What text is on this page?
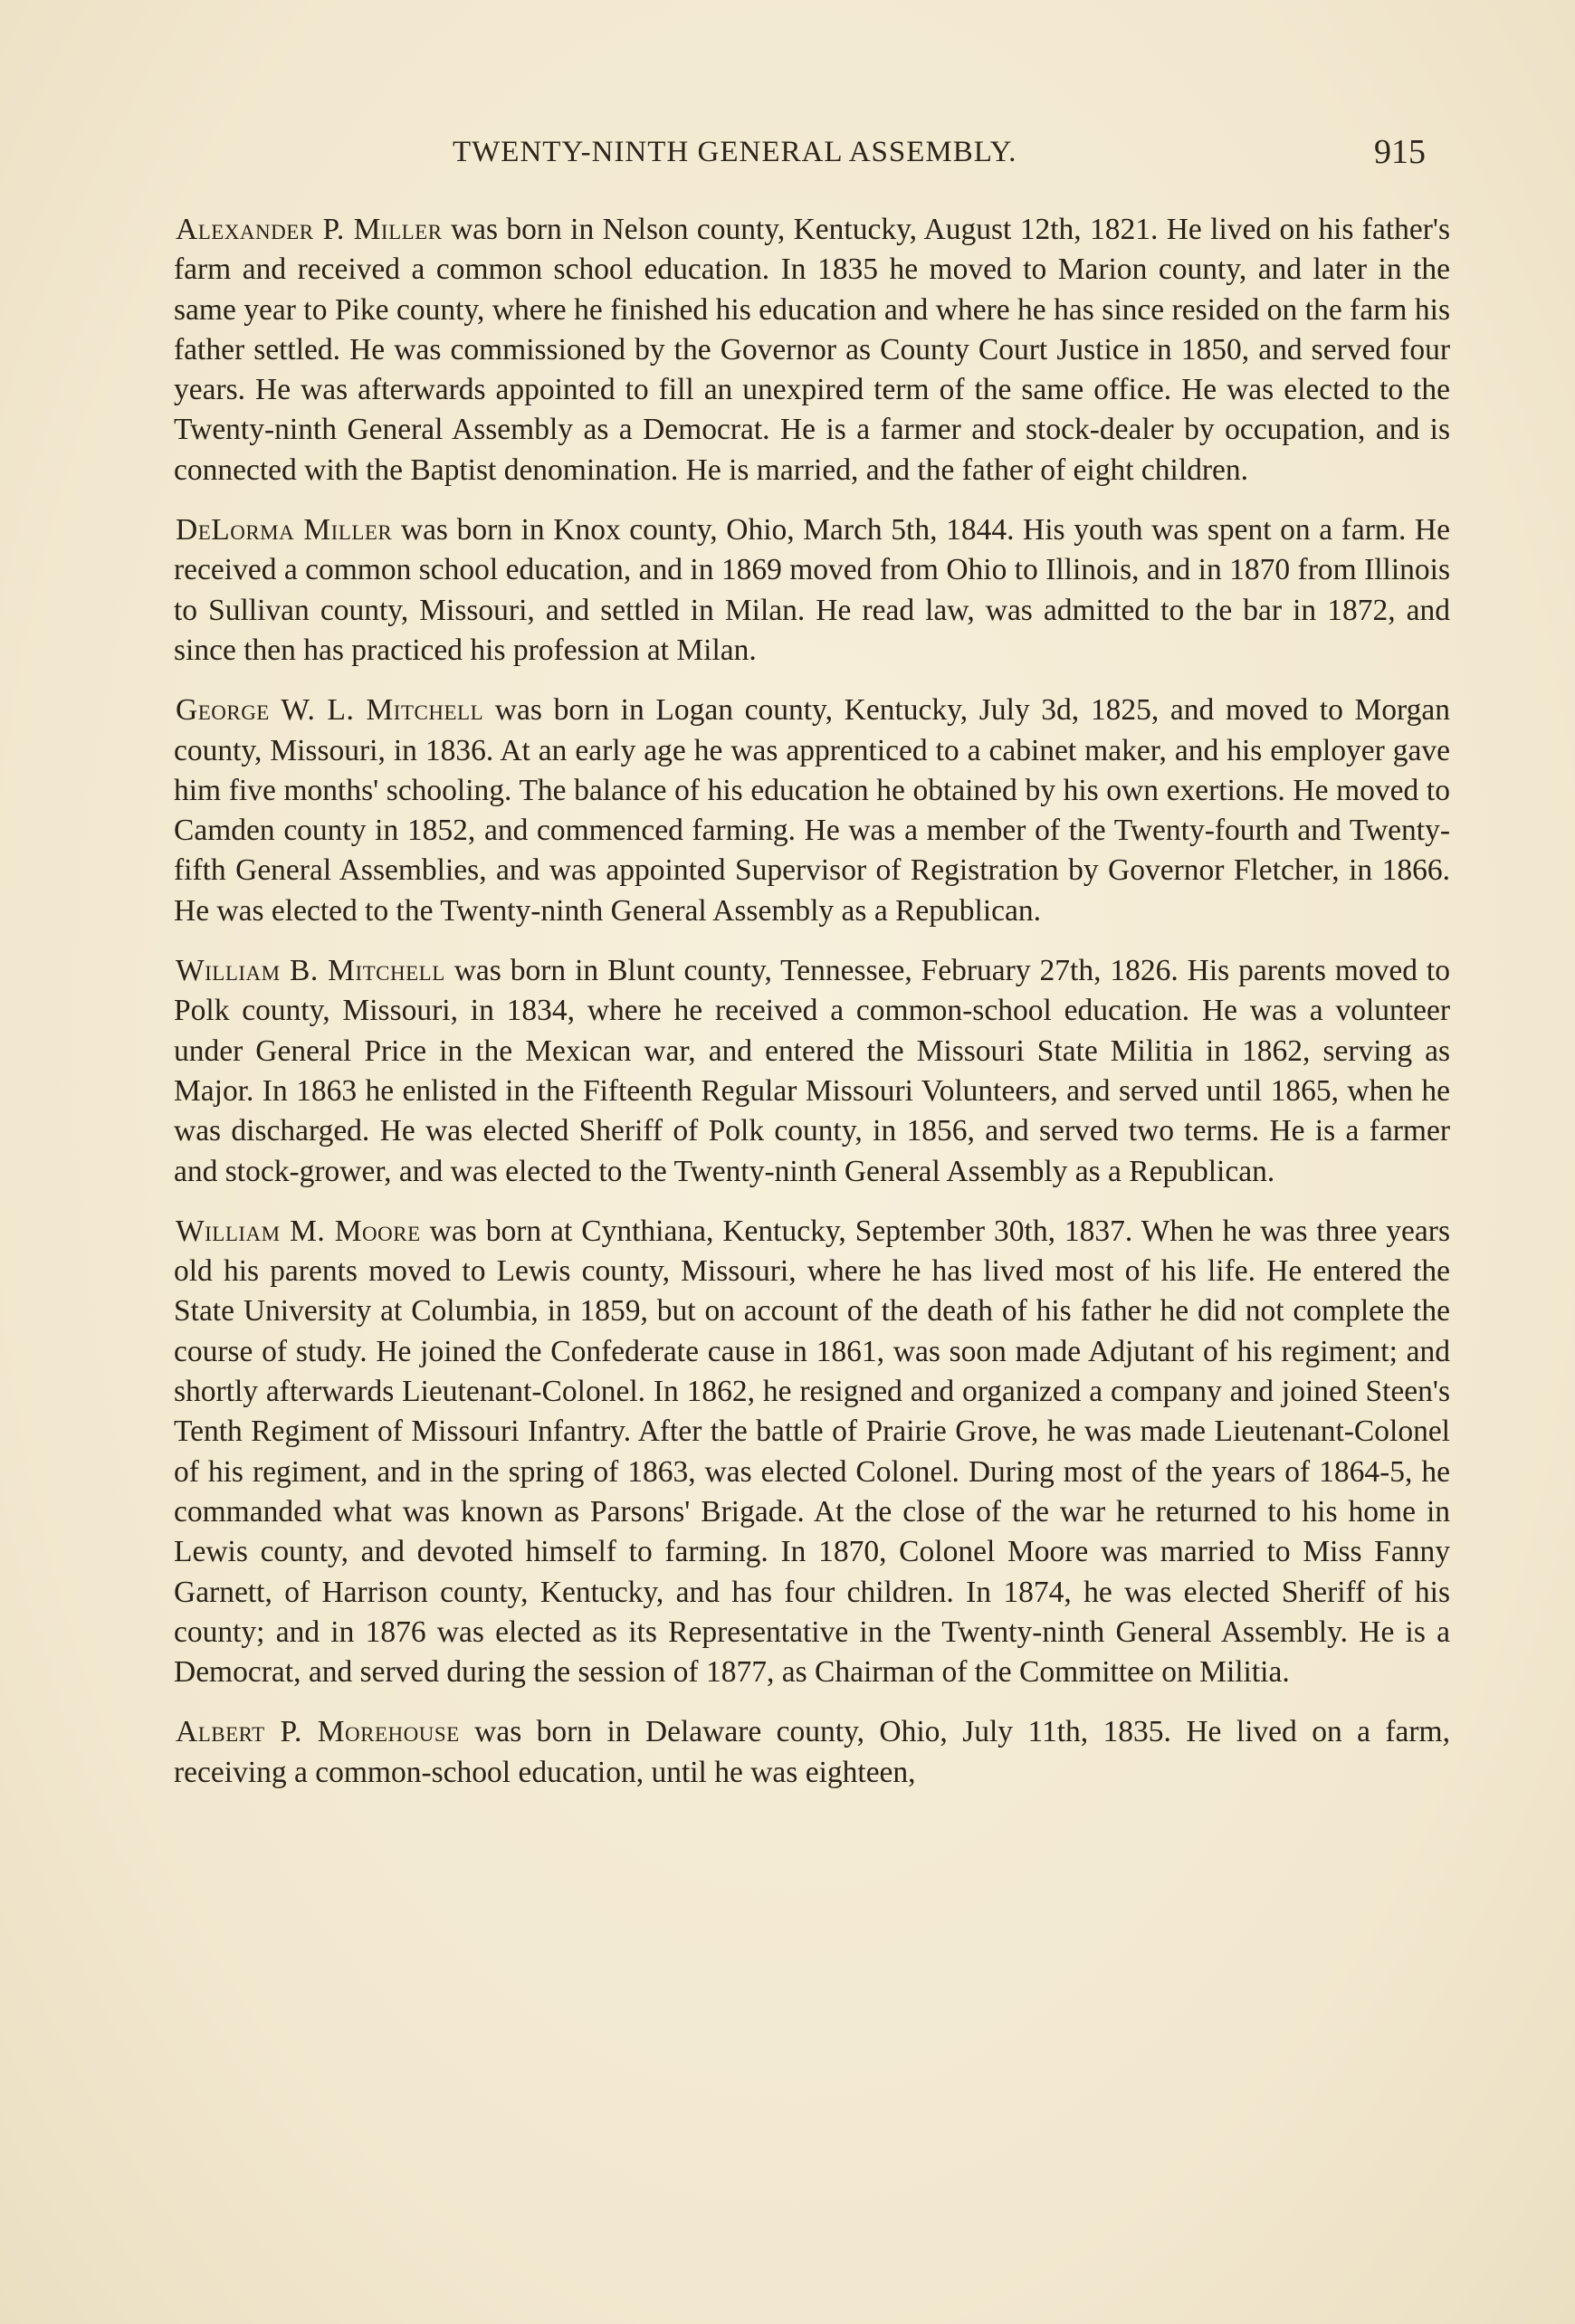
TWENTY-NINTH GENERAL ASSEMBLY.	915

Alexander P. Miller was born in Nelson county, Kentucky, August 12th, 1821. He lived on his father's farm and received a common school education. In 1835 he moved to Marion county, and later in the same year to Pike county, where he finished his education and where he has since resided on the farm his father settled. He was commissioned by the Governor as County Court Justice in 1850, and served four years. He was afterwards appointed to fill an unexpired term of the same office. He was elected to the Twenty-ninth General Assembly as a Democrat. He is a farmer and stock-dealer by occupation, and is connected with the Baptist denomination. He is married, and the father of eight children.

DeLorma Miller was born in Knox county, Ohio, March 5th, 1844. His youth was spent on a farm. He received a common school education, and in 1869 moved from Ohio to Illinois, and in 1870 from Illinois to Sullivan county, Missouri, and settled in Milan. He read law, was admitted to the bar in 1872, and since then has practiced his profession at Milan.

George W. L. Mitchell was born in Logan county, Kentucky, July 3d, 1825, and moved to Morgan county, Missouri, in 1836. At an early age he was apprenticed to a cabinet maker, and his employer gave him five months' schooling. The balance of his education he obtained by his own exertions. He moved to Camden county in 1852, and commenced farming. He was a member of the Twenty-fourth and Twenty-fifth General Assemblies, and was appointed Supervisor of Registration by Governor Fletcher, in 1866. He was elected to the Twenty-ninth General Assembly as a Republican.

William B. Mitchell was born in Blunt county, Tennessee, February 27th, 1826. His parents moved to Polk county, Missouri, in 1834, where he received a common-school education. He was a volunteer under General Price in the Mexican war, and entered the Missouri State Militia in 1862, serving as Major. In 1863 he enlisted in the Fifteenth Regular Missouri Volunteers, and served until 1865, when he was discharged. He was elected Sheriff of Polk county, in 1856, and served two terms. He is a farmer and stock-grower, and was elected to the Twenty-ninth General Assembly as a Republican.

William M. Moore was born at Cynthiana, Kentucky, September 30th, 1837. When he was three years old his parents moved to Lewis county, Missouri, where he has lived most of his life. He entered the State University at Columbia, in 1859, but on account of the death of his father he did not complete the course of study. He joined the Confederate cause in 1861, was soon made Adjutant of his regiment; and shortly afterwards Lieutenant-Colonel. In 1862, he resigned and organized a company and joined Steen's Tenth Regiment of Missouri Infantry. After the battle of Prairie Grove, he was made Lieutenant-Colonel of his regiment, and in the spring of 1863, was elected Colonel. During most of the years of 1864-5, he commanded what was known as Parsons' Brigade. At the close of the war he returned to his home in Lewis county, and devoted himself to farming. In 1870, Colonel Moore was married to Miss Fanny Garnett, of Harrison county, Kentucky, and has four children. In 1874, he was elected Sheriff of his county; and in 1876 was elected as its Representative in the Twenty-ninth General Assembly. He is a Democrat, and served during the session of 1877, as Chairman of the Committee on Militia.

Albert P. Morehouse was born in Delaware county, Ohio, July 11th, 1835. He lived on a farm, receiving a common-school education, until he was eighteen,
